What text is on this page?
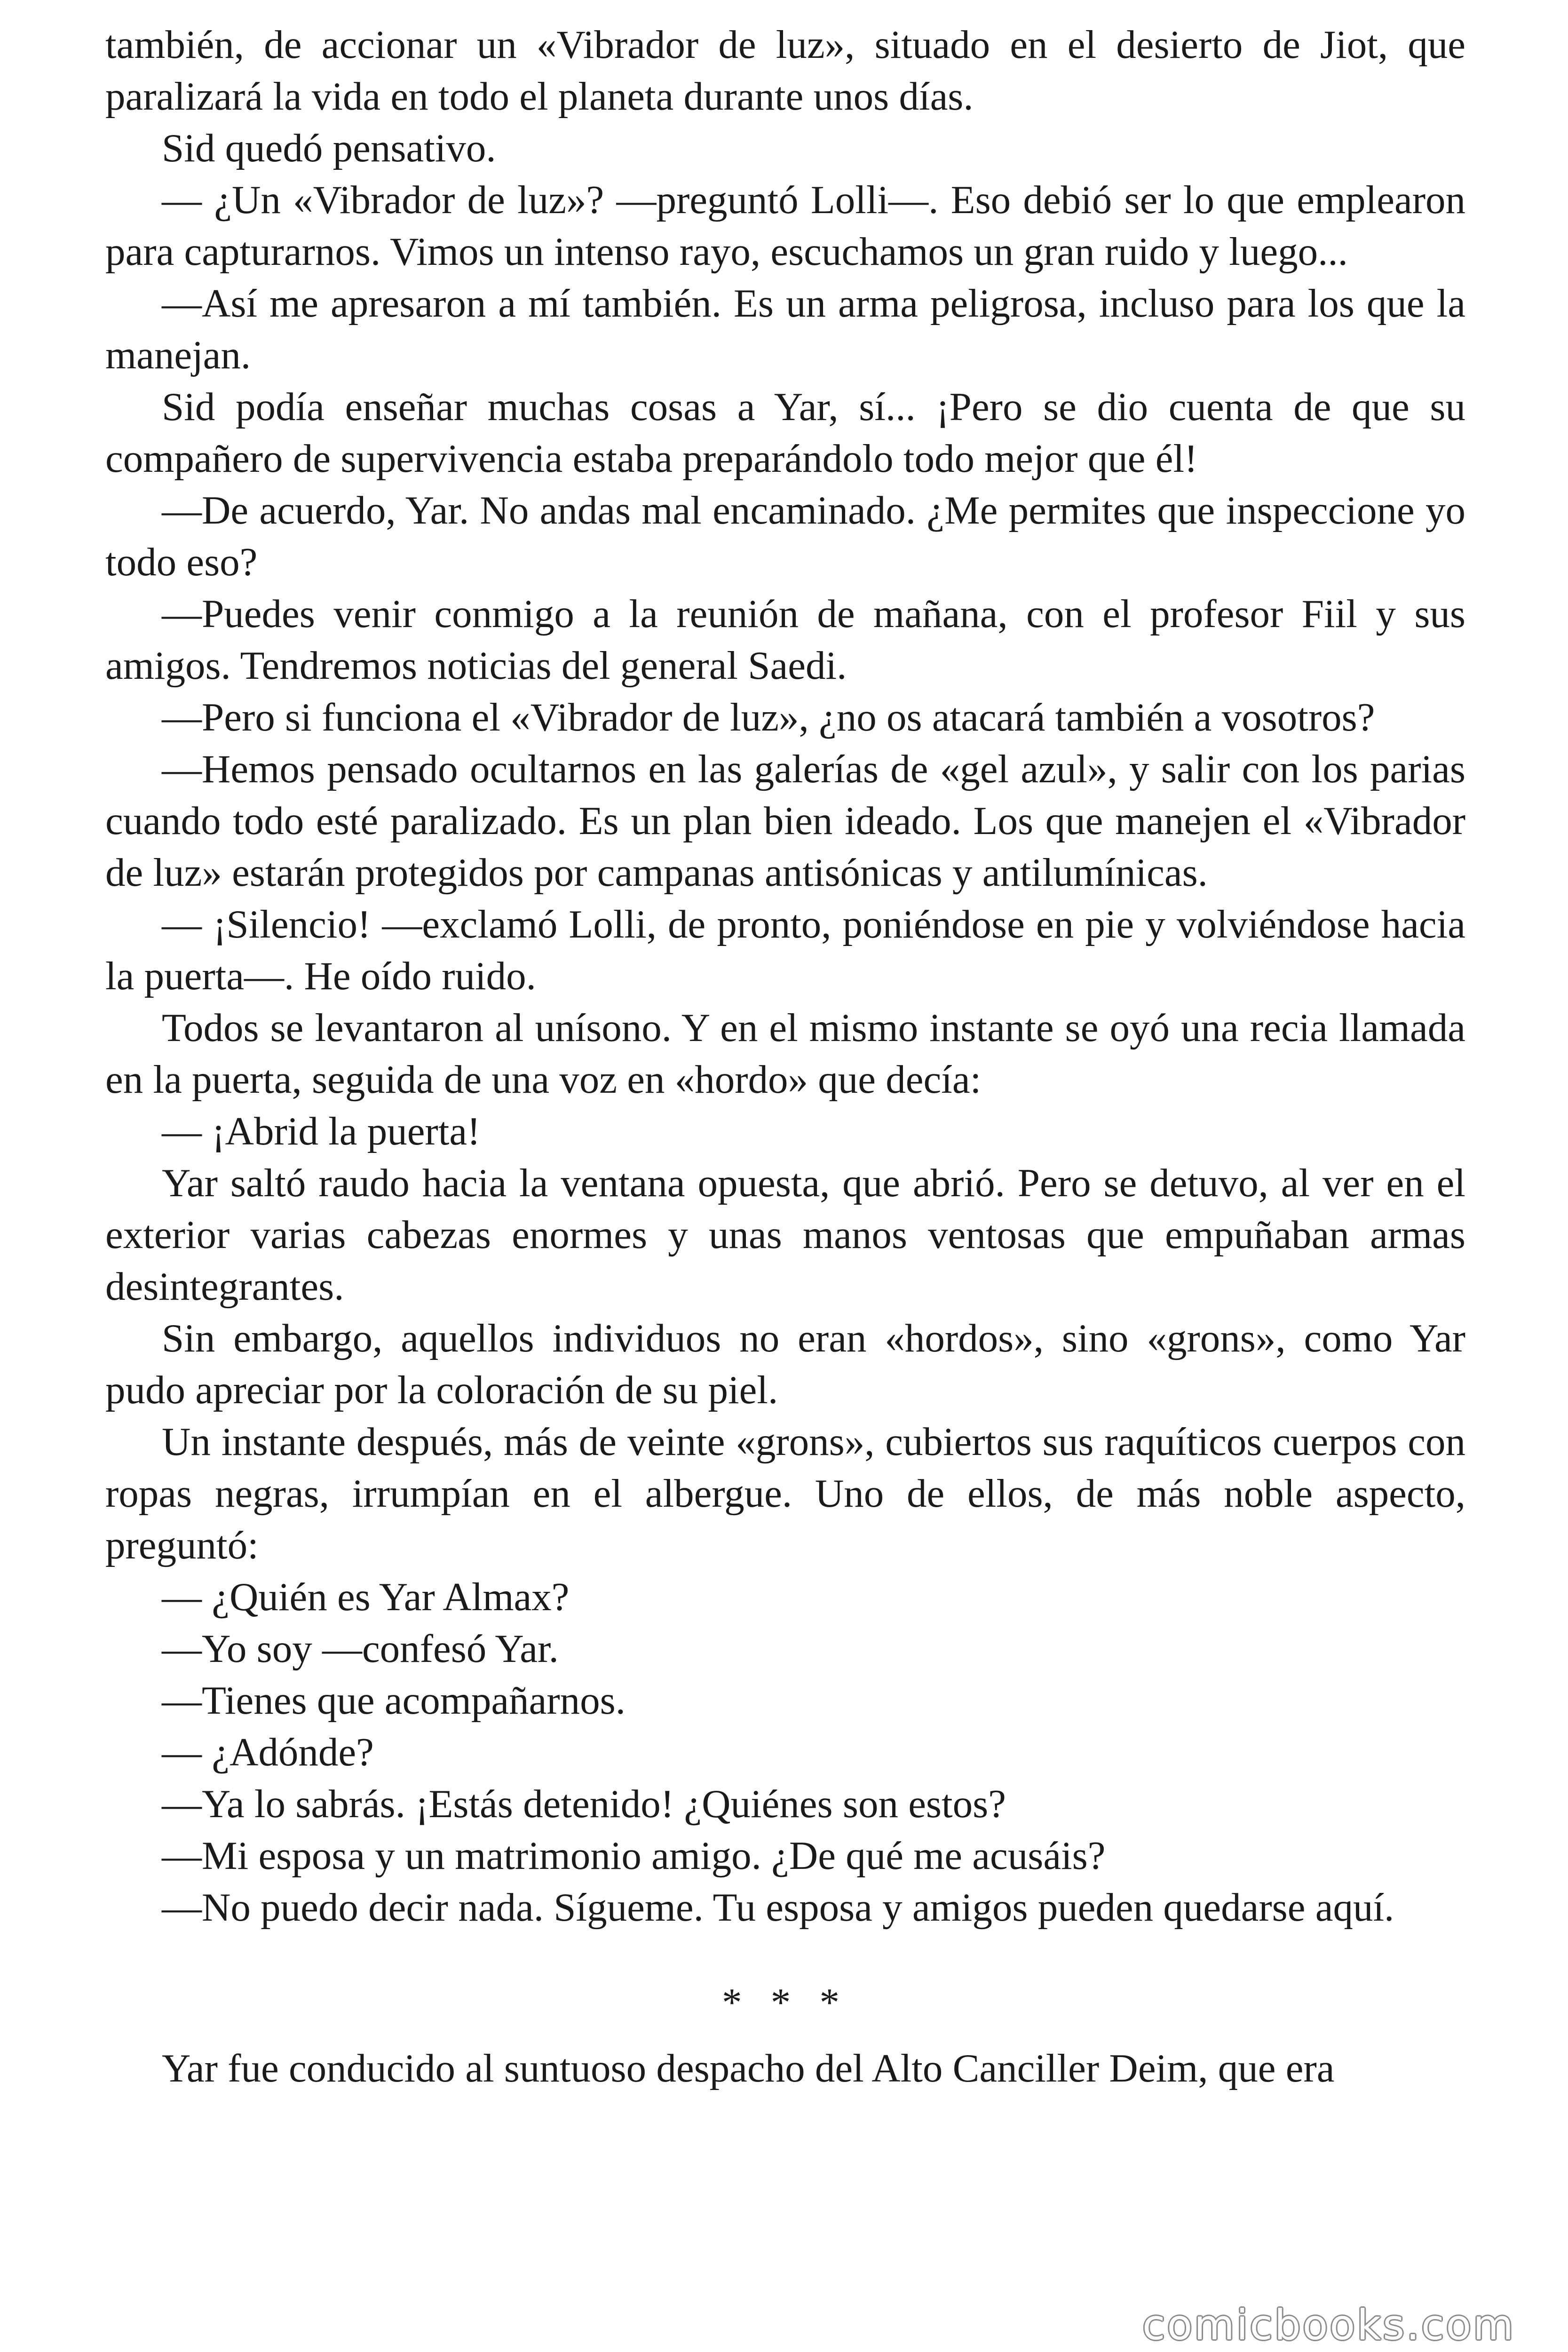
también, de accionar un «Vibrador de luz», situado en el desierto de Jiot, que paralizará la vida en todo el planeta durante unos días.

Sid quedó pensativo.

— ¿Un «Vibrador de luz»? —preguntó Lolli—. Eso debió ser lo que emplearon para capturarnos. Vimos un intenso rayo, escuchamos un gran ruido y luego...

—Así me apresaron a mí también. Es un arma peligrosa, incluso para los que la manejan.

Sid podía enseñar muchas cosas a Yar, sí... ¡Pero se dio cuenta de que su compañero de supervivencia estaba preparándolo todo mejor que él!

—De acuerdo, Yar. No andas mal encaminado. ¿Me permites que inspeccione yo todo eso?

—Puedes venir conmigo a la reunión de mañana, con el profesor Fiil y sus amigos. Tendremos noticias del general Saedi.

—Pero si funciona el «Vibrador de luz», ¿no os atacará también a vosotros?

—Hemos pensado ocultarnos en las galerías de «gel azul», y salir con los parias cuando todo esté paralizado. Es un plan bien ideado. Los que manejen el «Vibrador de luz» estarán protegidos por campanas antisónicas y antilumínicas.

— ¡Silencio! —exclamó Lolli, de pronto, poniéndose en pie y volviéndose hacia la puerta—. He oído ruido.

Todos se levantaron al unísono. Y en el mismo instante se oyó una recia llamada en la puerta, seguida de una voz en «hordo» que decía:

— ¡Abrid la puerta!

Yar saltó raudo hacia la ventana opuesta, que abrió. Pero se detuvo, al ver en el exterior varias cabezas enormes y unas manos ventosas que empuñaban armas desintegrantes.

Sin embargo, aquellos individuos no eran «hordos», sino «grons», como Yar pudo apreciar por la coloración de su piel.

Un instante después, más de veinte «grons», cubiertos sus raquíticos cuerpos con ropas negras, irrumpían en el albergue. Uno de ellos, de más noble aspecto, preguntó:

— ¿Quién es Yar Almax?

—Yo soy —confesó Yar.

—Tienes que acompañarnos.

— ¿Adónde?

—Ya lo sabrás. ¡Estás detenido! ¿Quiénes son estos?

—Mi esposa y un matrimonio amigo. ¿De qué me acusáis?

—No puedo decir nada. Sígueme. Tu esposa y amigos pueden quedarse aquí.

* * *

Yar fue conducido al suntuoso despacho del Alto Canciller Deim, que era

comicbooks.com
